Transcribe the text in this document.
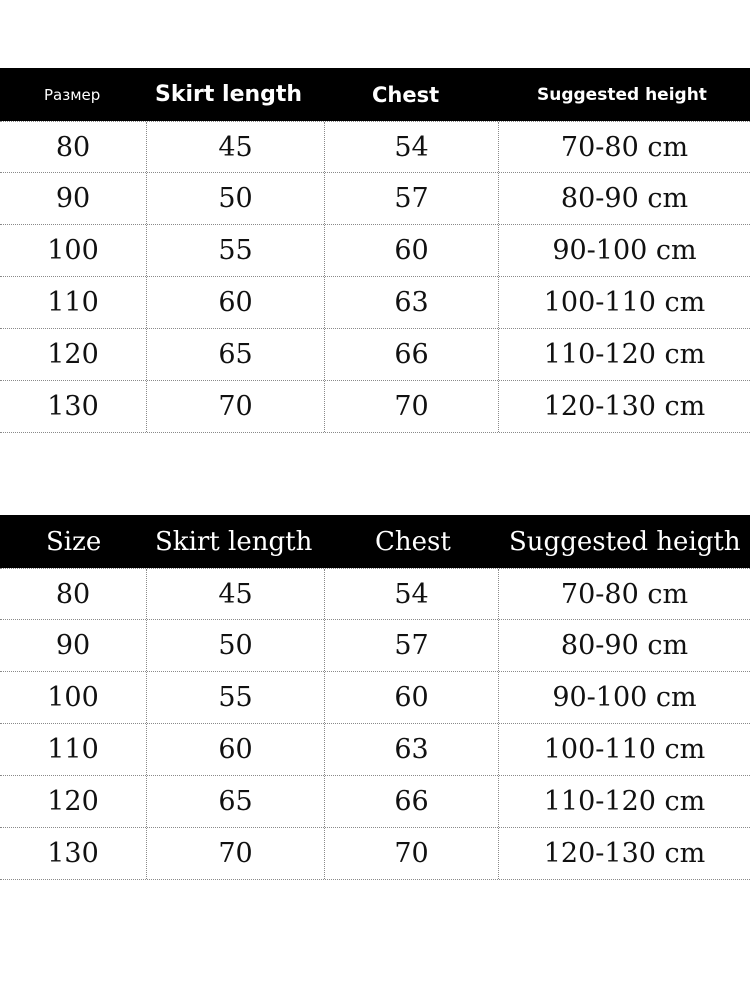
Размер	Skirt length	Chest	Suggested height
80	45	54	70-80 cm
90	50	57	80-90 cm
100	55	60	90-100 cm
110	60	63	100-110 cm
120	65	66	110-120 cm
130	70	70	120-130 cm
Size	Skirt length	Chest	Suggested heigth
80	45	54	70-80 cm
90	50	57	80-90 cm
100	55	60	90-100 cm
110	60	63	100-110 cm
120	65	66	110-120 cm
130	70	70	120-130 cm
